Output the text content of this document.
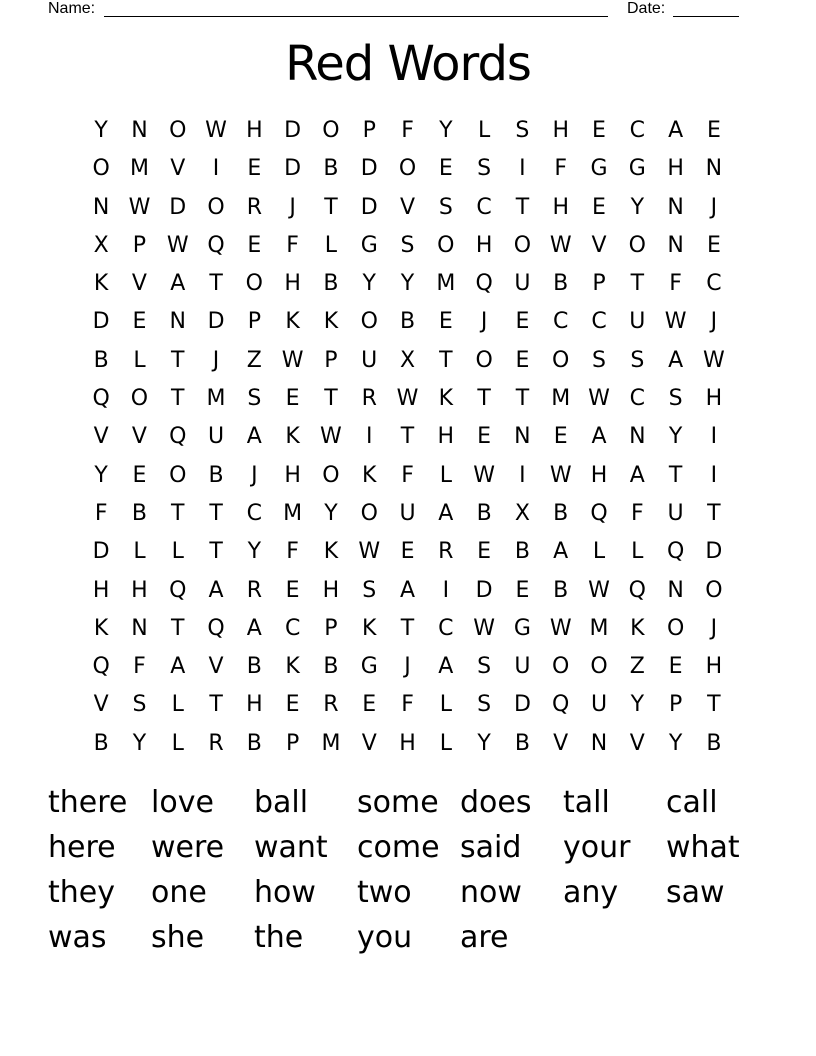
Name:	Date:
Red Words
Y	N O W H D O	P	F	Y	L	S	H	E	C	A	E
O M V	I	E	D	B	D O	E	S	I	F	G G H N
N W D O R	J	T	D	V	S	C	T	H	E	Y	N	J
X	P W Q	E	F	L	G	S	O H O W V	O N	E
K	V	A	T	O H	B	Y	Y	M Q U	B	P	T	F	C
D	E	N D	P	K	K	O	B	E	J	E	C	C	U W	J
B	L	T	J	Z W P	U	X	T	O	E	O	S	S	A W
Q O	T	M S	E	T	R W K	T	T	M W C	S	H
V	V	Q U	A	K W	I	T	H	E	N	E	A	N	Y	I
Y	E	O	B	J	H O	K	F	L W	I	W H	A	T	I
F	B	T	T	C M	Y	O U	A	B	X	B	Q	F	U	T
D	L	L	T	Y	F	K W E	R	E	B	A	L	L	Q D
H H Q	A	R	E	H	S	A	I	D	E	B W Q N O
K	N	T	Q	A	C	P	K	T	C W G W M K	O	J
Q	F	A	V	B	K	B	G	J	A	S	U O O	Z	E	H
V	S	L	T	H	E	R	E	F	L	S	D Q U	Y	P	T
B	Y	L	R	B	P	M V	H	L	Y	B	V	N	V	Y	B
there love	ball	some does	tall	call
here	were want come said	your	what
they	one	how	two	now	any	saw
was	she	the	you	are
